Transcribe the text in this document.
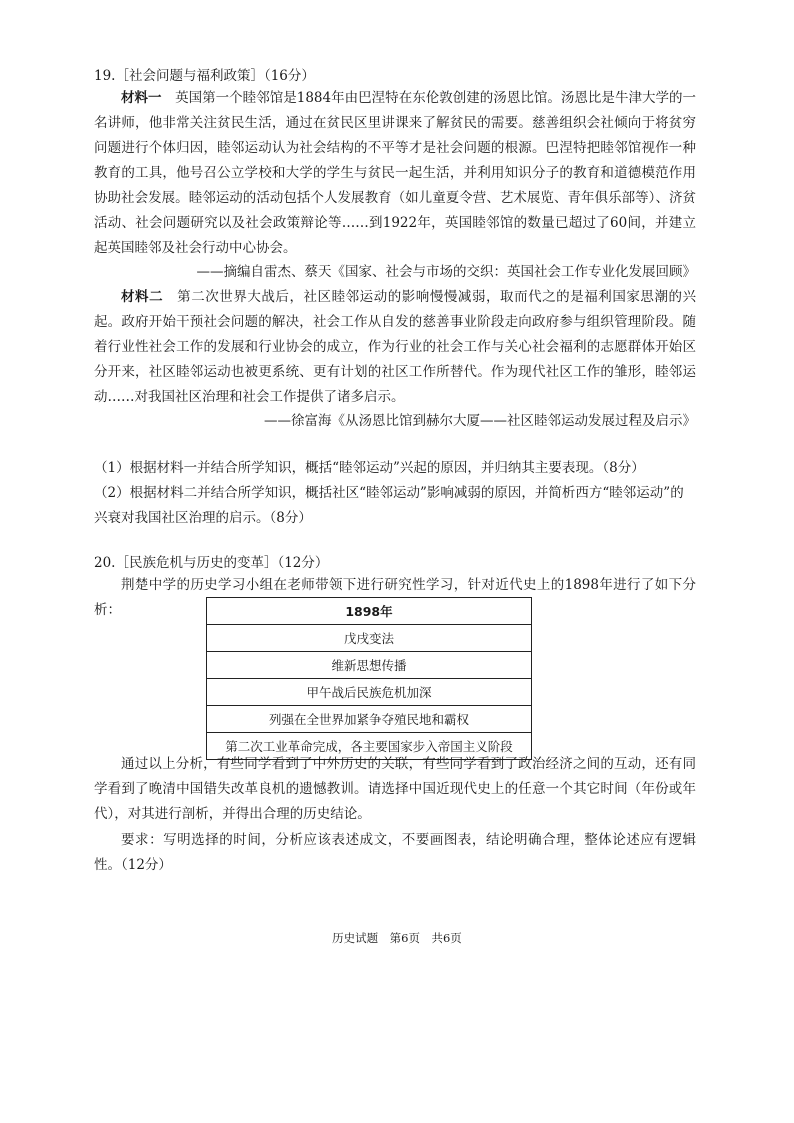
19.［社会问题与福利政策］（16分）

材料一　 英国第一个睦邻馆是1884年由巴涅特在东伦敦创建的汤恩比馆。汤恩比是牛津大学的一名讲师，他非常关注贫民生活，通过在贫民区里讲课来了解贫民的需要。慈善组织会社倾向于将贫穷问题进行个体归因，睦邻运动认为社会结构的不平等才是社会问题的根源。巴涅特把睦邻馆视作一种教育的工具，他号召公立学校和大学的学生与贫民一起生活，并利用知识分子的教育和道德模范作用协助社会发展。睦邻运动的活动包括个人发展教育（如儿童夏令营、艺术展览、青年俱乐部等）、济贫活动、社会问题研究以及社会政策辩论等……到1922年，英国睦邻馆的数量已超过了60间，并建立起英国睦邻及社会行动中心协会。

——摘编自雷杰、蔡天《国家、社会与市场的交织：英国社会工作专业化发展回顾》

材料二　 第二次世界大战后，社区睦邻运动的影响慢慢减弱，取而代之的是福利国家思潮的兴起。政府开始干预社会问题的解决，社会工作从自发的慈善事业阶段走向政府参与组织管理阶段。随着行业性社会工作的发展和行业协会的成立，作为行业的社会工作与关心社会福利的志愿群体开始区分开来，社区睦邻运动也被更系统、更有计划的社区工作所替代。作为现代社区工作的雏形，睦邻运动……对我国社区治理和社会工作提供了诸多启示。

——徐富海《从汤恩比馆到赫尔大厦——社区睦邻运动发展过程及启示》

（1）根据材料一并结合所学知识，概括“睦邻运动”兴起的原因，并归纳其主要表现。（8分）

（2）根据材料二并结合所学知识，概括社区“睦邻运动”影响减弱的原因，并简析西方“睦邻运动”的兴衰对我国社区治理的启示。（8分）

20.［民族危机与历史的变革］（12分）

荆楚中学的历史学习小组在老师带领下进行研究性学习，针对近代史上的1898年进行了如下分析：	1898年
戊戌变法
维新思想传播
甲午战后民族危机加深
列强在全世界加紧争夺殖民地和霸权
第二次工业革命完成，各主要国家步入帝国主义阶段

通过以上分析，有些同学看到了中外历史的关联，有些同学看到了政治经济之间的互动，还有同学看到了晚清中国错失改革良机的遗憾教训。请选择中国近现代史上的任意一个其它时间（年份或年代），对其进行剖析，并得出合理的历史结论。

要求：写明选择的时间，分析应该表述成文，不要画图表，结论明确合理，整体论述应有逻辑性。（12分）

历史试题　第6页　共6页
